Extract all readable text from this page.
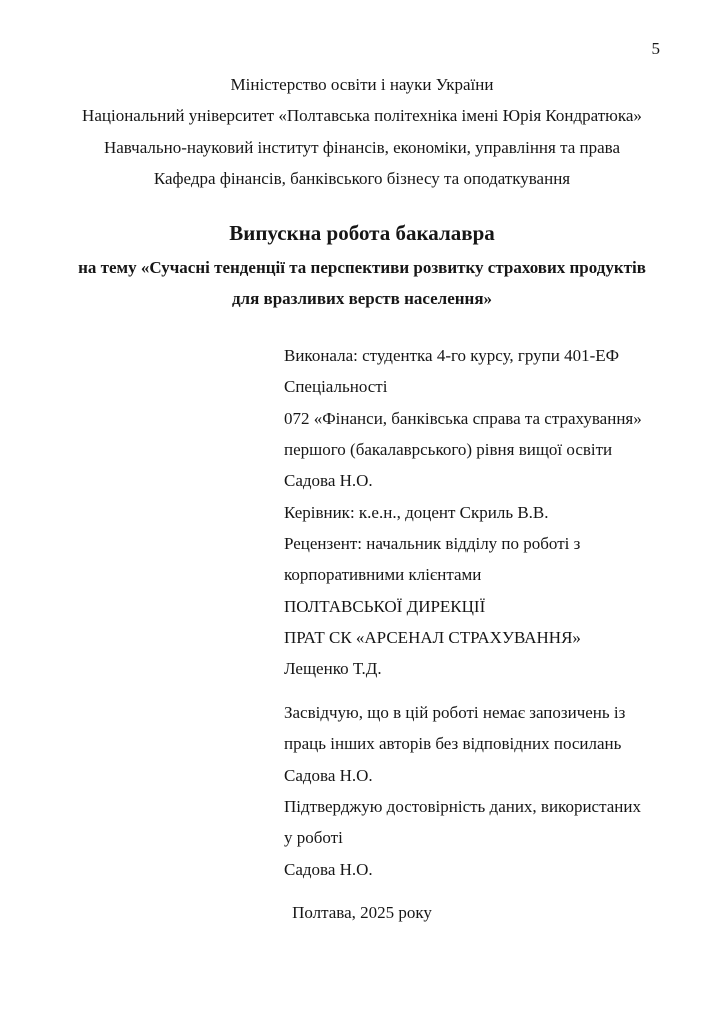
5
Міністерство освіти і науки України
Національний університет «Полтавська політехніка імені Юрія Кондратюка»
Навчально-науковий інститут фінансів, економіки, управління та права
Кафедра фінансів, банківського бізнесу та оподаткування
Випускна робота бакалавра
на тему «Сучасні тенденції та перспективи розвитку страхових продуктів
для вразливих верств населення»
Виконала: студентка 4-го курсу, групи 401-ЕФ
Спеціальності
072 «Фінанси, банківська справа та страхування»
першого (бакалаврського) рівня вищої освіти
Садова Н.О.
Керівник: к.е.н., доцент Скриль В.В.
Рецензент: начальник відділу по роботі з
корпоративними клієнтами
ПОЛТАВСЬКОЇ ДИРЕКЦІЇ
ПРАТ СК «АРСЕНАЛ СТРАХУВАННЯ»
Лещенко Т.Д.
Засвідчую, що в цій роботі немає запозичень із
праць інших авторів без відповідних посилань
Садова Н.О.
Підтверджую достовірність даних, використаних
у роботі
Садова Н.О.
Полтава, 2025 року
